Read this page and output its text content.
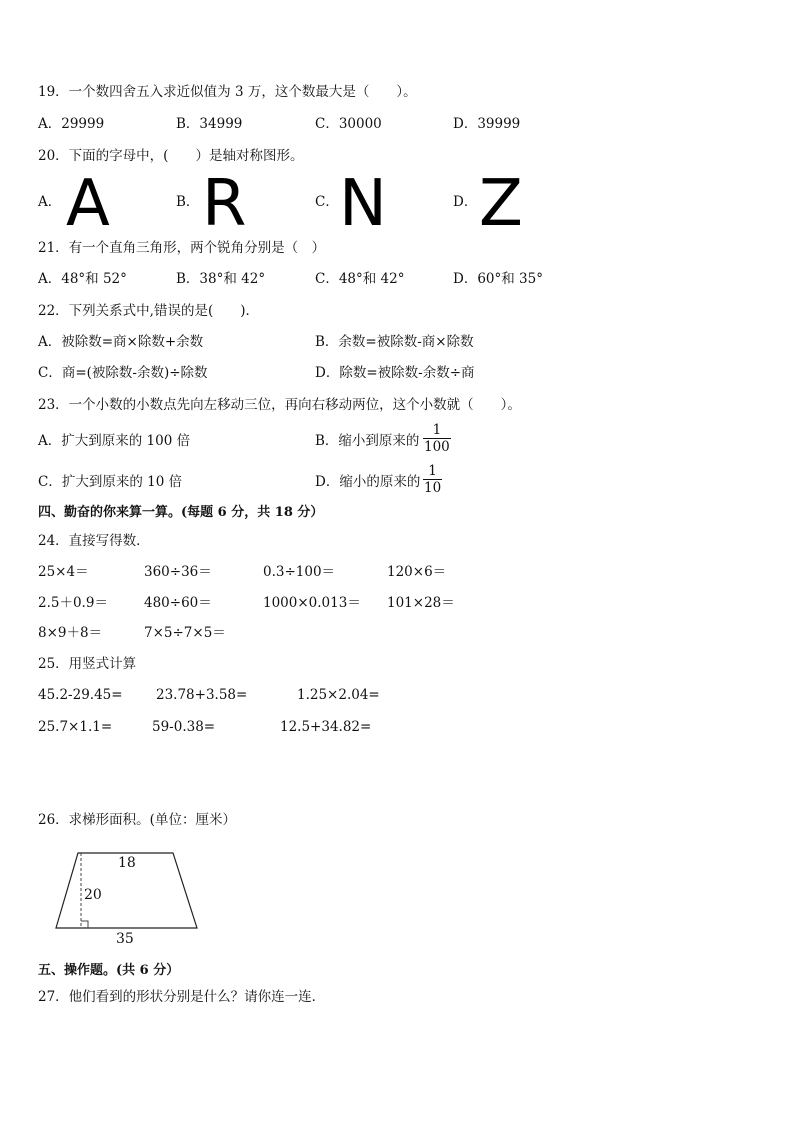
19．一个数四舍五入求近似值为 3 万，这个数最大是（　　）。
A．29999	B．34999	C．30000	D．39999
20．下面的字母中，(　　）是轴对称图形。
A． A	B． R	C． N	D． Z
21．有一个直角三角形，两个锐角分别是（　）
A．48°和 52°	B．38°和 42°	C．48°和 42°	D．60°和 35°
22．下列关系式中,错误的是(　　)．
A．被除数=商×除数+余数	B．余数=被除数-商×除数
C．商=(被除数-余数)÷除数	D．除数=被除数-余数÷商
23．一个小数的小数点先向左移动三位，再向右移动两位，这个小数就（　　）。
A．扩大到原来的 100 倍	B．缩小到原来的 $\frac{1}{100}$
C．扩大到原来的 10 倍	D．缩小的原来的 $\frac{1}{10}$
四、勤奋的你来算一算。(每题 6 分，共 18 分）
24．直接写得数．
25×4＝	360÷36＝	0.3÷100＝	120×6＝
2.5＋0.9＝	480÷60＝	1000×0.013＝ 101×28＝
8×9＋8＝	7×5÷7×5＝
25．用竖式计算
45.2-29.45= 23.78+3.58=	1.25×2.04=
25.7×1.1=	59-0.38=	12.5+34.82=
26．求梯形面积。(单位：厘米）
18
20
35
五、操作题。(共 6 分）
27．他们看到的形状分别是什么？请你连一连．
